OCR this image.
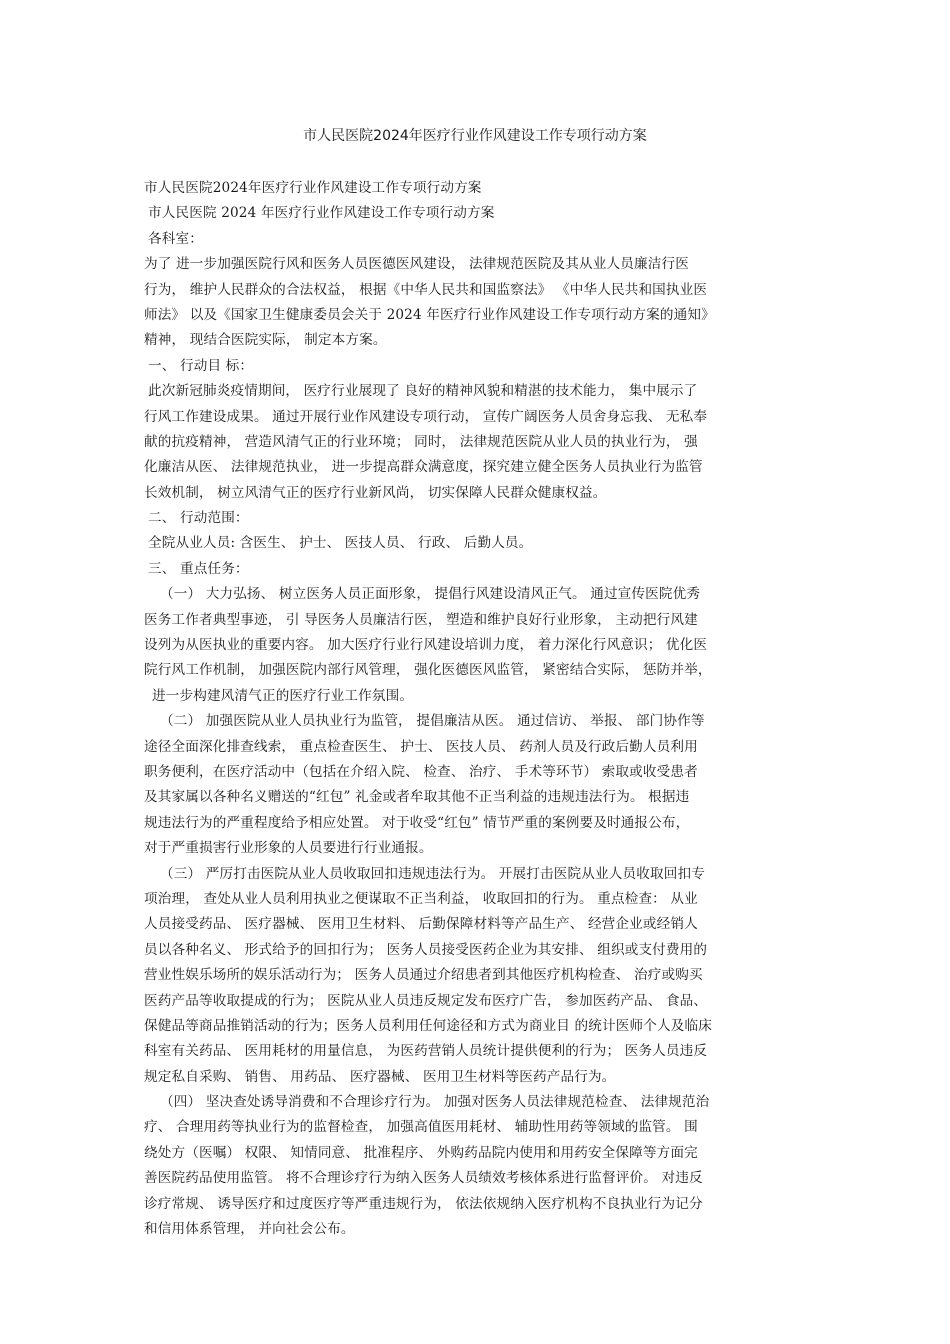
市人民医院2024年医疗行业作风建设工作专项行动方案
市人民医院2024年医疗行业作风建设工作专项行动方案
市人民医院 2024 年医疗行业作风建设工作专项行动方案
各科室：
为了 进一步加强医院行风和医务人员医德医风建设， 法律规范医院及其从业人员廉洁行医
行为， 维护人民群众的合法权益， 根据《中华人民共和国监察法》 《中华人民共和国执业医
师法》 以及《国家卫生健康委员会关于 2024 年医疗行业作风建设工作专项行动方案的通知》
精神， 现结合医院实际， 制定本方案。
一、 行动目 标：
此次新冠肺炎疫情期间， 医疗行业展现了 良好的精神风貌和精湛的技术能力， 集中展示了
行风工作建设成果。 通过开展行业作风建设专项行动， 宣传广阔医务人员舍身忘我、 无私奉
献的抗疫精神， 营造风清气正的行业环境； 同时， 法律规范医院从业人员的执业行为， 强
化廉洁从医、 法律规范执业， 进一步提高群众满意度，探究建立健全医务人员执业行为监管
长效机制， 树立风清气正的医疗行业新风尚， 切实保障人民群众健康权益。
二、 行动范围：
全院从业人员: 含医生、 护士、 医技人员、 行政、 后勤人员。
三、 重点任务：
（一） 大力弘扬、 树立医务人员正面形象， 提倡行风建设清风正气。 通过宣传医院优秀
医务工作者典型事迹， 引 导医务人员廉洁行医， 塑造和维护良好行业形象， 主动把行风建
设列为从医执业的重要内容。 加大医疗行业行风建设培训力度， 着力深化行风意识； 优化医
院行风工作机制， 加强医院内部行风管理， 强化医德医风监管， 紧密结合实际， 惩防并举，
进一步构建风清气正的医疗行业工作氛围。
（二） 加强医院从业人员执业行为监管， 提倡廉洁从医。 通过信访、 举报、 部门协作等
途径全面深化排查线索， 重点检查医生、 护士、 医技人员、 药剂人员及行政后勤人员利用
职务便利，在医疗活动中（包括在介绍入院、 检查、 治疗、 手术等环节） 索取或收受患者
及其家属以各种名义赠送的“红包” 礼金或者牟取其他不正当利益的违规违法行为。 根据违
规违法行为的严重程度给予相应处置。 对于收受“红包” 情节严重的案例要及时通报公布，
对于严重损害行业形象的人员要进行行业通报。
（三） 严厉打击医院从业人员收取回扣违规违法行为。 开展打击医院从业人员收取回扣专
项治理， 查处从业人员利用执业之便谋取不正当利益， 收取回扣的行为。 重点检查： 从业
人员接受药品、 医疗器械、 医用卫生材料、 后勤保障材料等产品生产、 经营企业或经销人
员以各种名义、 形式给予的回扣行为； 医务人员接受医药企业为其安排、 组织或支付费用的
营业性娱乐场所的娱乐活动行为； 医务人员通过介绍患者到其他医疗机构检查、 治疗或购买
医药产品等收取提成的行为； 医院从业人员违反规定发布医疗广告， 参加医药产品、 食品、
保健品等商品推销活动的行为；医务人员利用任何途径和方式为商业目 的统计医师个人及临床
科室有关药品、 医用耗材的用量信息， 为医药营销人员统计提供便利的行为； 医务人员违反
规定私自采购、 销售、 用药品、 医疗器械、 医用卫生材料等医药产品行为。
（四） 坚决查处诱导消费和不合理诊疗行为。 加强对医务人员法律规范检查、 法律规范治
疗、 合理用药等执业行为的监督检查， 加强高值医用耗材、 辅助性用药等领域的监管。 围
绕处方（医嘱） 权限、 知情同意、 批准程序、 外购药品院内使用和用药安全保障等方面完
善医院药品使用监管。 将不合理诊疗行为纳入医务人员绩效考核体系进行监督评价。 对违反
诊疗常规、 诱导医疗和过度医疗等严重违规行为， 依法依规纳入医疗机构不良执业行为记分
和信用体系管理， 并向社会公布。
